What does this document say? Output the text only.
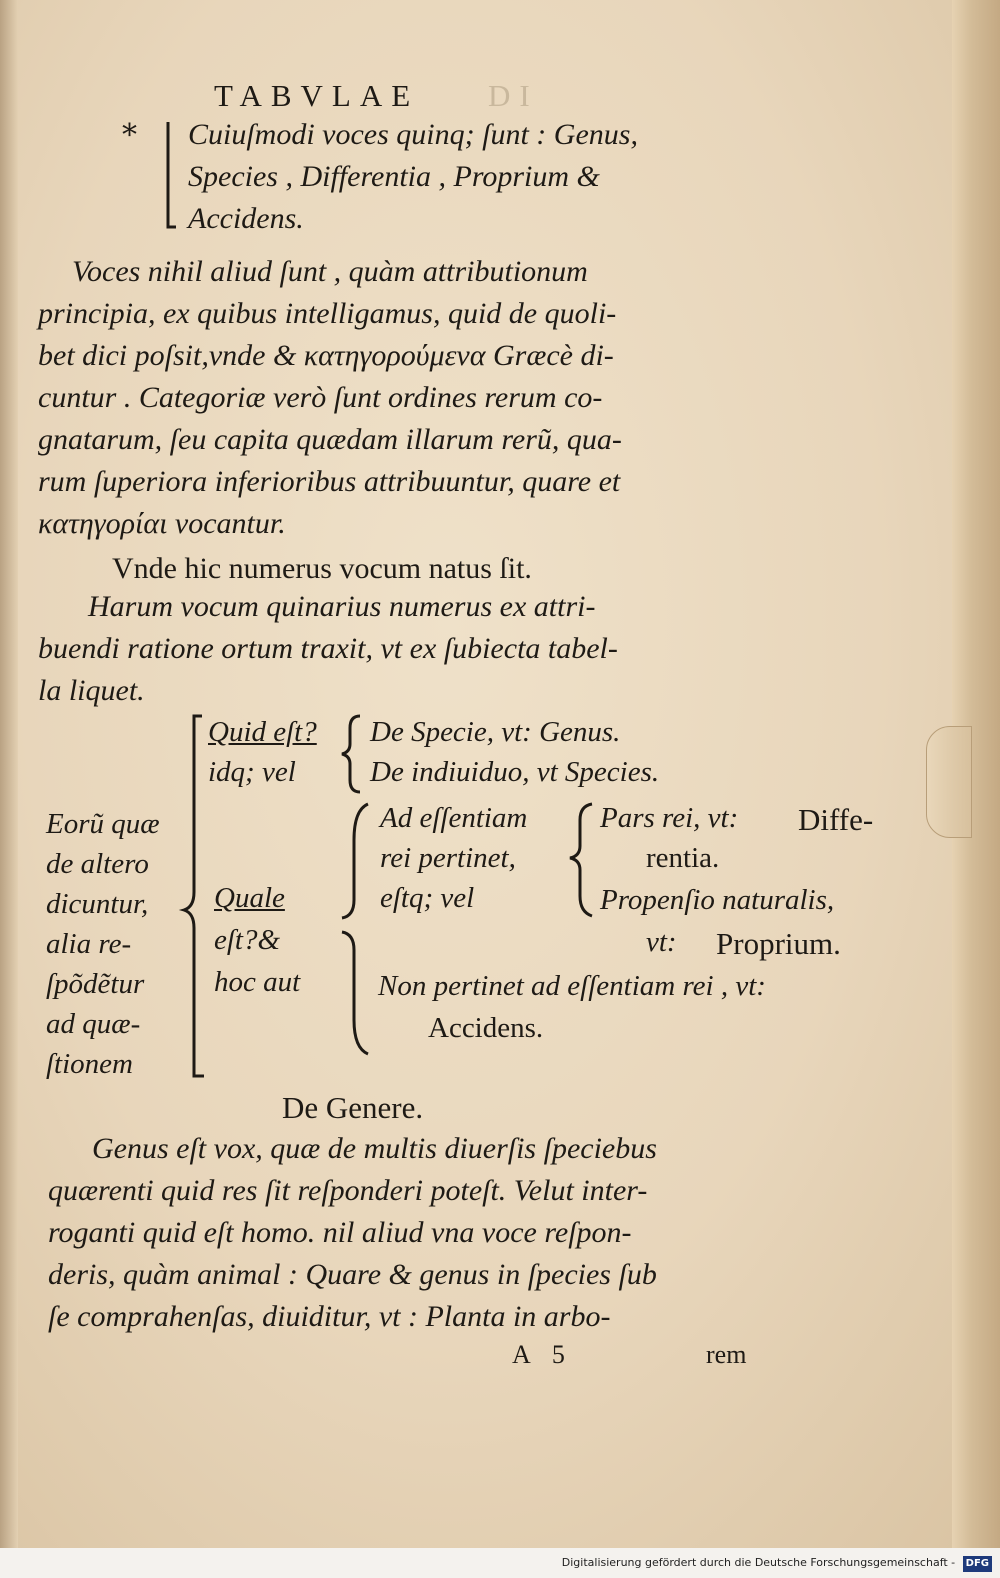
TABVLAE DI
* Cuiuſmodi voces quinq; ſunt : Genus,
Species , Differentia , Proprium &
Accidens.
Voces nihil aliud ſunt , quàm attributionum
principia, ex quibus intelligamus, quid de quoli-
bet dici poſsit,vnde & κατηγορούμενα Græcè di-
cuntur . Categoriæ verò ſunt ordines rerum co-
gnatarum, ſeu capita quædam illarum rerũ, qua-
rum ſuperiora inferioribus attribuuntur, quare et
κατηγορίαι vocantur.
Vnde hic numerus vocum natus ſit.
Harum vocum quinarius numerus ex attri-
buendi ratione ortum traxit, vt ex ſubiecta tabel-
la liquet.
Eorũ quæ
de altero
dicuntur,
alia re-
ſpõdẽtur
ad quæ-
ſtionem
Quid eſt?
idq; vel
De Specie, vt: Genus.
De indiuiduo, vt Species.
Quale
eſt?&
hoc aut
Ad eſſentiam
rei pertinet,
eſtq; vel
Pars rei, vt: Diffe-
rentia.
Propenſio naturalis,
vt: Proprium.
Non pertinet ad eſſentiam rei , vt:
Accidens.
De Genere.
Genus eſt vox, quæ de multis diuerſis ſpeciebus
quærenti quid res ſit reſponderi poteſt. Velut inter-
roganti quid eſt homo. nil aliud vna voce reſpon-
deris, quàm animal : Quare & genus in ſpecies ſub
ſe comprahenſas, diuiditur, vt : Planta in arbo-
A 5	rem
Digitalisierung gefördert durch die Deutsche Forschungsgemeinschaft - DFG
